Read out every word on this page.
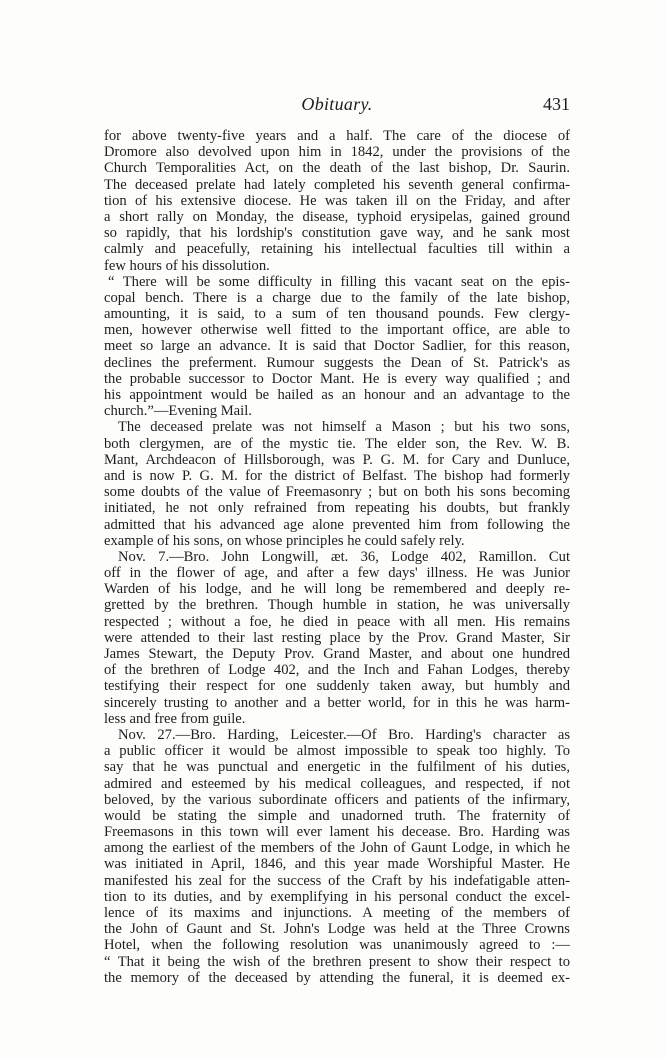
Obituary.	431
for above twenty-five years and a half. The care of the diocese of
Dromore also devolved upon him in 1842, under the provisions of the
Church Temporalities Act, on the death of the last bishop, Dr. Saurin.
The deceased prelate had lately completed his seventh general confirma-
tion of his extensive diocese. He was taken ill on the Friday, and after
a short rally on Monday, the disease, typhoid erysipelas, gained ground
so rapidly, that his lordship's constitution gave way, and he sank most
calmly and peacefully, retaining his intellectual faculties till within a
few hours of his dissolution.
“ There will be some difficulty in filling this vacant seat on the epis-
copal bench. There is a charge due to the family of the late bishop,
amounting, it is said, to a sum of ten thousand pounds. Few clergy-
men, however otherwise well fitted to the important office, are able to
meet so large an advance. It is said that Doctor Sadlier, for this reason,
declines the preferment. Rumour suggests the Dean of St. Patrick's as
the probable successor to Doctor Mant. He is every way qualified ; and
his appointment would be hailed as an honour and an advantage to the
church.”—Evening Mail.
The deceased prelate was not himself a Mason ; but his two sons,
both clergymen, are of the mystic tie. The elder son, the Rev. W. B.
Mant, Archdeacon of Hillsborough, was P. G. M. for Cary and Dunluce,
and is now P. G. M. for the district of Belfast. The bishop had formerly
some doubts of the value of Freemasonry ; but on both his sons becoming
initiated, he not only refrained from repeating his doubts, but frankly
admitted that his advanced age alone prevented him from following the
example of his sons, on whose principles he could safely rely.
Nov. 7.—Bro. John Longwill, æt. 36, Lodge 402, Ramillon. Cut
off in the flower of age, and after a few days' illness. He was Junior
Warden of his lodge, and he will long be remembered and deeply re-
gretted by the brethren. Though humble in station, he was universally
respected ; without a foe, he died in peace with all men. His remains
were attended to their last resting place by the Prov. Grand Master, Sir
James Stewart, the Deputy Prov. Grand Master, and about one hundred
of the brethren of Lodge 402, and the Inch and Fahan Lodges, thereby
testifying their respect for one suddenly taken away, but humbly and
sincerely trusting to another and a better world, for in this he was harm-
less and free from guile.
Nov. 27.—Bro. Harding, Leicester.—Of Bro. Harding's character as
a public officer it would be almost impossible to speak too highly. To
say that he was punctual and energetic in the fulfilment of his duties,
admired and esteemed by his medical colleagues, and respected, if not
beloved, by the various subordinate officers and patients of the infirmary,
would be stating the simple and unadorned truth. The fraternity of
Freemasons in this town will ever lament his decease. Bro. Harding was
among the earliest of the members of the John of Gaunt Lodge, in which he
was initiated in April, 1846, and this year made Worshipful Master. He
manifested his zeal for the success of the Craft by his indefatigable atten-
tion to its duties, and by exemplifying in his personal conduct the excel-
lence of its maxims and injunctions. A meeting of the members of
the John of Gaunt and St. John's Lodge was held at the Three Crowns
Hotel, when the following resolution was unanimously agreed to :—
“ That it being the wish of the brethren present to show their respect to
the memory of the deceased by attending the funeral, it is deemed ex-
